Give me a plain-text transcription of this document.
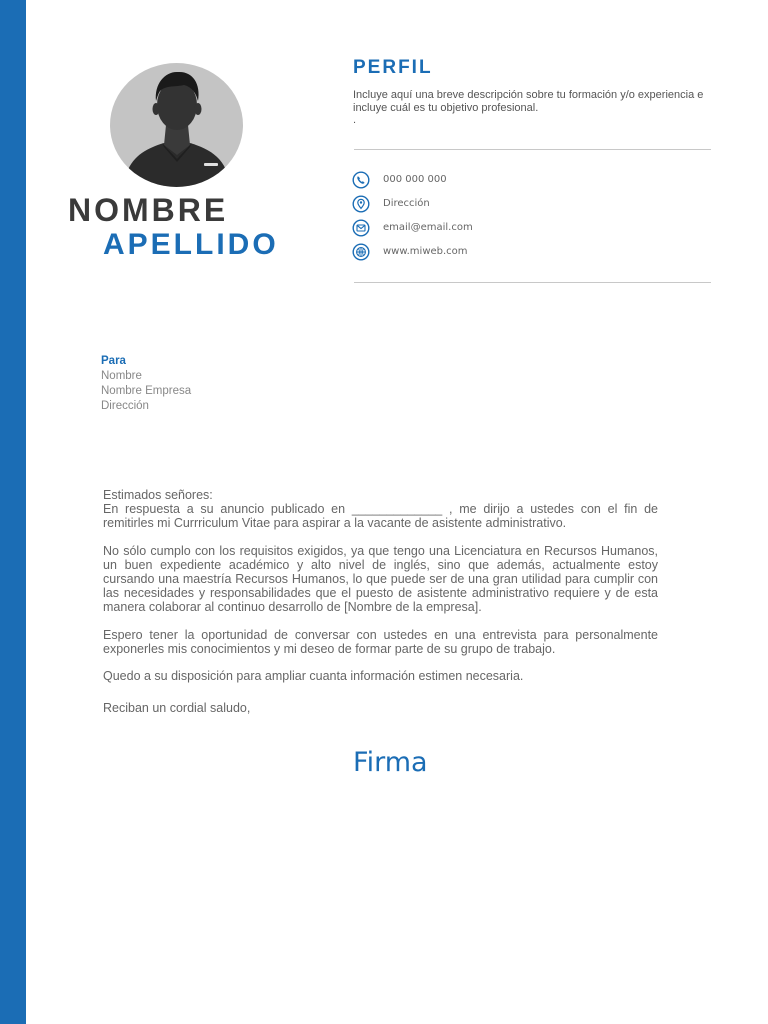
NOMBRE
APELLIDO
PERFIL
Incluye aquí una breve descripción sobre tu formación y/o experiencia e incluye cuál es tu objetivo profesional.
.
000 000 000
Dirección
email@email.com
www.miweb.com
Para
Nombre
Nombre Empresa
Dirección

Estimados señores:

En respuesta a su anuncio publicado en _____________ , me dirijo a ustedes con el fin de remitirles mi Currriculum Vitae para aspirar a la vacante de asistente administrativo.

No sólo cumplo con los requisitos exigidos, ya que tengo una Licenciatura en Recursos Humanos, un buen expediente académico y alto nivel de inglés, sino que además, actualmente estoy cursando una maestría Recursos Humanos, lo que puede ser de una gran utilidad para cumplir con las necesidades y responsabilidades que el puesto de asistente administrativo requiere y de esta manera colaborar al continuo desarrollo de [Nombre de la empresa].

Espero tener la oportunidad de conversar con ustedes en una entrevista para personalmente exponerles mis conocimientos y mi deseo de formar parte de su grupo de trabajo.

Quedo a su disposición para ampliar cuanta información estimen necesaria.

Reciban un cordial saludo,

Firma
